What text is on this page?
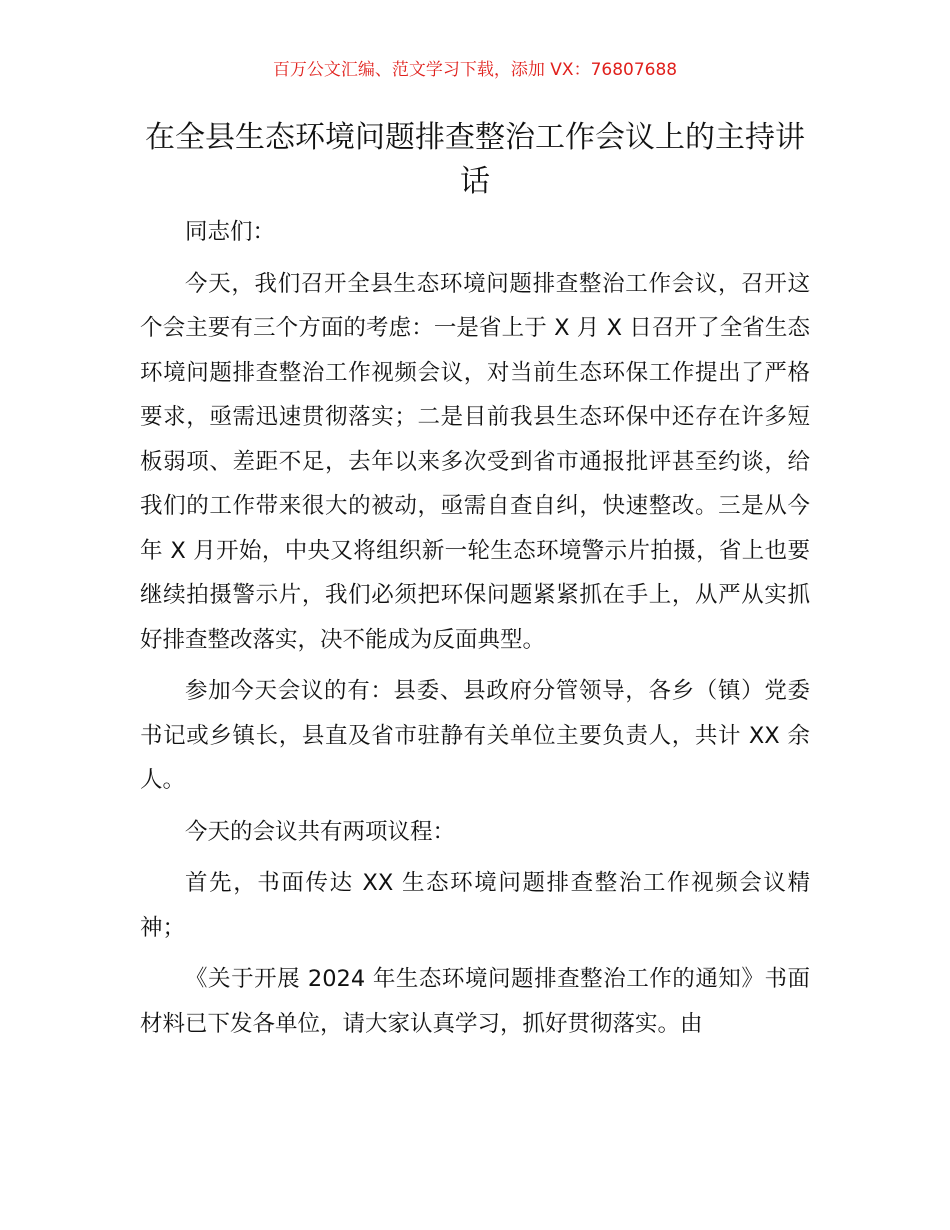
百万公文汇编、范文学习下载，添加 VX：76807688
在全县生态环境问题排查整治工作会议上的主持讲话

同志们：

今天，我们召开全县生态环境问题排查整治工作会议，召开这个会主要有三个方面的考虑：一是省上于 X 月 X 日召开了全省生态环境问题排查整治工作视频会议，对当前生态环保工作提出了严格要求，亟需迅速贯彻落实；二是目前我县生态环保中还存在许多短板弱项、差距不足，去年以来多次受到省市通报批评甚至约谈，给我们的工作带来很大的被动，亟需自查自纠，快速整改。三是从今年 X 月开始，中央又将组织新一轮生态环境警示片拍摄，省上也要继续拍摄警示片，我们必须把环保问题紧紧抓在手上，从严从实抓好排查整改落实，决不能成为反面典型。

参加今天会议的有：县委、县政府分管领导，各乡（镇）党委书记或乡镇长，县直及省市驻静有关单位主要负责人，共计 XX 余人。

今天的会议共有两项议程：

首先，书面传达 XX 生态环境问题排查整治工作视频会议精神；

《关于开展 2024 年生态环境问题排查整治工作的通知》书面材料已下发各单位，请大家认真学习，抓好贯彻落实。由
